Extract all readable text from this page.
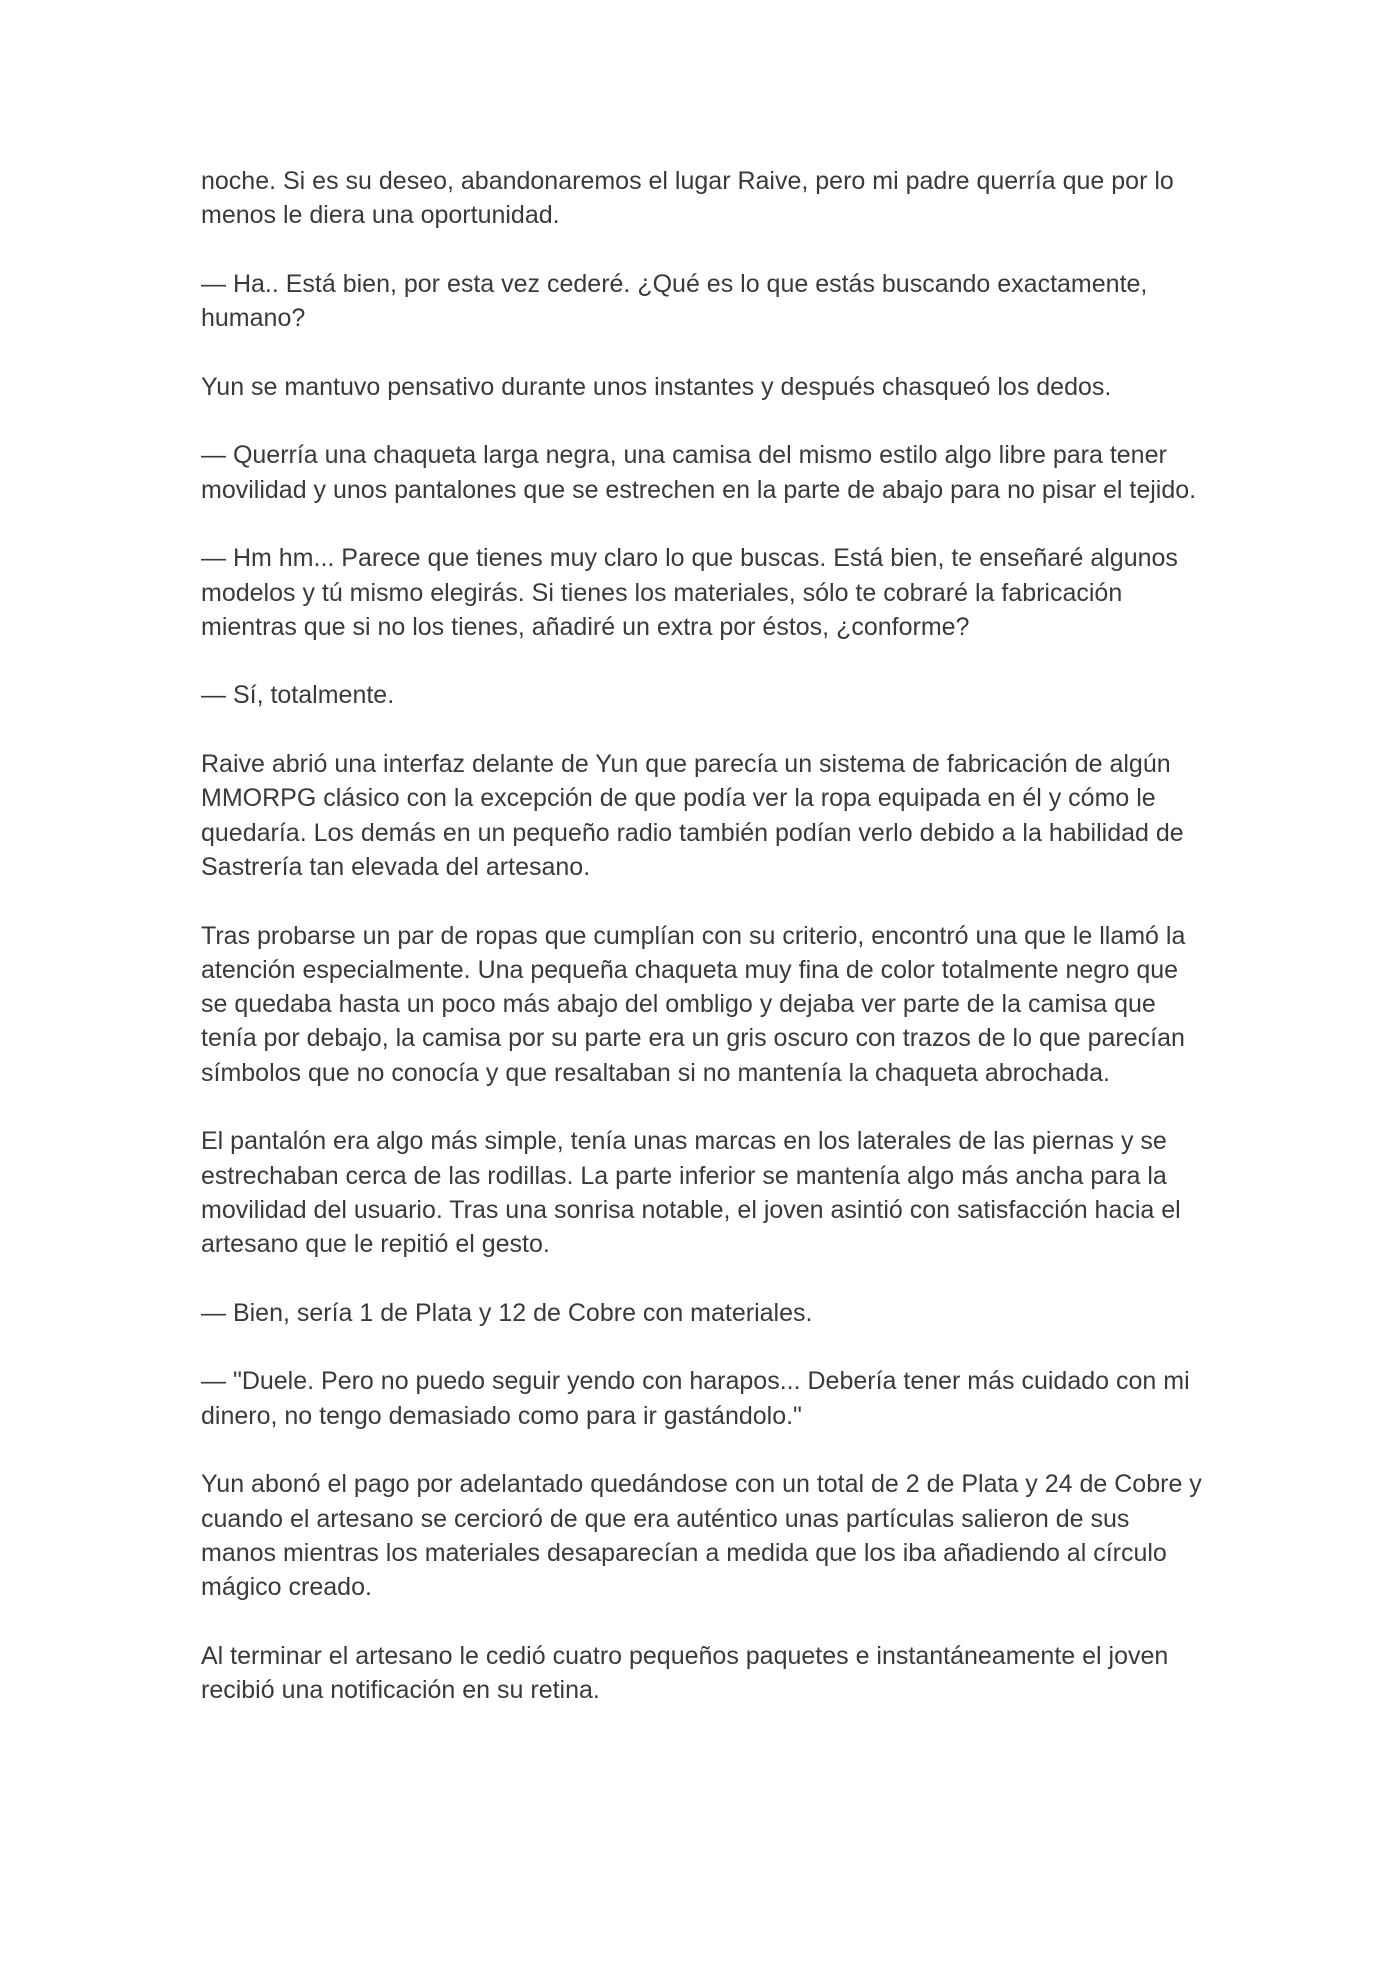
noche. Si es su deseo, abandonaremos el lugar Raive, pero mi padre querría que por lo menos le diera una oportunidad.

— Ha.. Está bien, por esta vez cederé. ¿Qué es lo que estás buscando exactamente, humano?

Yun se mantuvo pensativo durante unos instantes y después chasqueó los dedos.

— Querría una chaqueta larga negra, una camisa del mismo estilo algo libre para tener movilidad y unos pantalones que se estrechen en la parte de abajo para no pisar el tejido.

— Hm hm... Parece que tienes muy claro lo que buscas. Está bien, te enseñaré algunos modelos y tú mismo elegirás. Si tienes los materiales, sólo te cobraré la fabricación mientras que si no los tienes, añadiré un extra por éstos, ¿conforme?

— Sí, totalmente.

Raive abrió una interfaz delante de Yun que parecía un sistema de fabricación de algún MMORPG clásico con la excepción de que podía ver la ropa equipada en él y cómo le quedaría. Los demás en un pequeño radio también podían verlo debido a la habilidad de Sastrería tan elevada del artesano.

Tras probarse un par de ropas que cumplían con su criterio, encontró una que le llamó la atención especialmente. Una pequeña chaqueta muy fina de color totalmente negro que se quedaba hasta un poco más abajo del ombligo y dejaba ver parte de la camisa que tenía por debajo, la camisa por su parte era un gris oscuro con trazos de lo que parecían símbolos que no conocía y que resaltaban si no mantenía la chaqueta abrochada.

El pantalón era algo más simple, tenía unas marcas en los laterales de las piernas y se estrechaban cerca de las rodillas. La parte inferior se mantenía algo más ancha para la movilidad del usuario. Tras una sonrisa notable, el joven asintió con satisfacción hacia el artesano que le repitió el gesto.

— Bien, sería 1 de Plata y 12 de Cobre con materiales.

— "Duele. Pero no puedo seguir yendo con harapos... Debería tener más cuidado con mi dinero, no tengo demasiado como para ir gastándolo."

Yun abonó el pago por adelantado quedándose con un total de 2 de Plata y 24 de Cobre y cuando el artesano se cercioró de que era auténtico unas partículas salieron de sus manos mientras los materiales desaparecían a medida que los iba añadiendo al círculo mágico creado.

Al terminar el artesano le cedió cuatro pequeños paquetes e instantáneamente el joven recibió una notificación en su retina.
